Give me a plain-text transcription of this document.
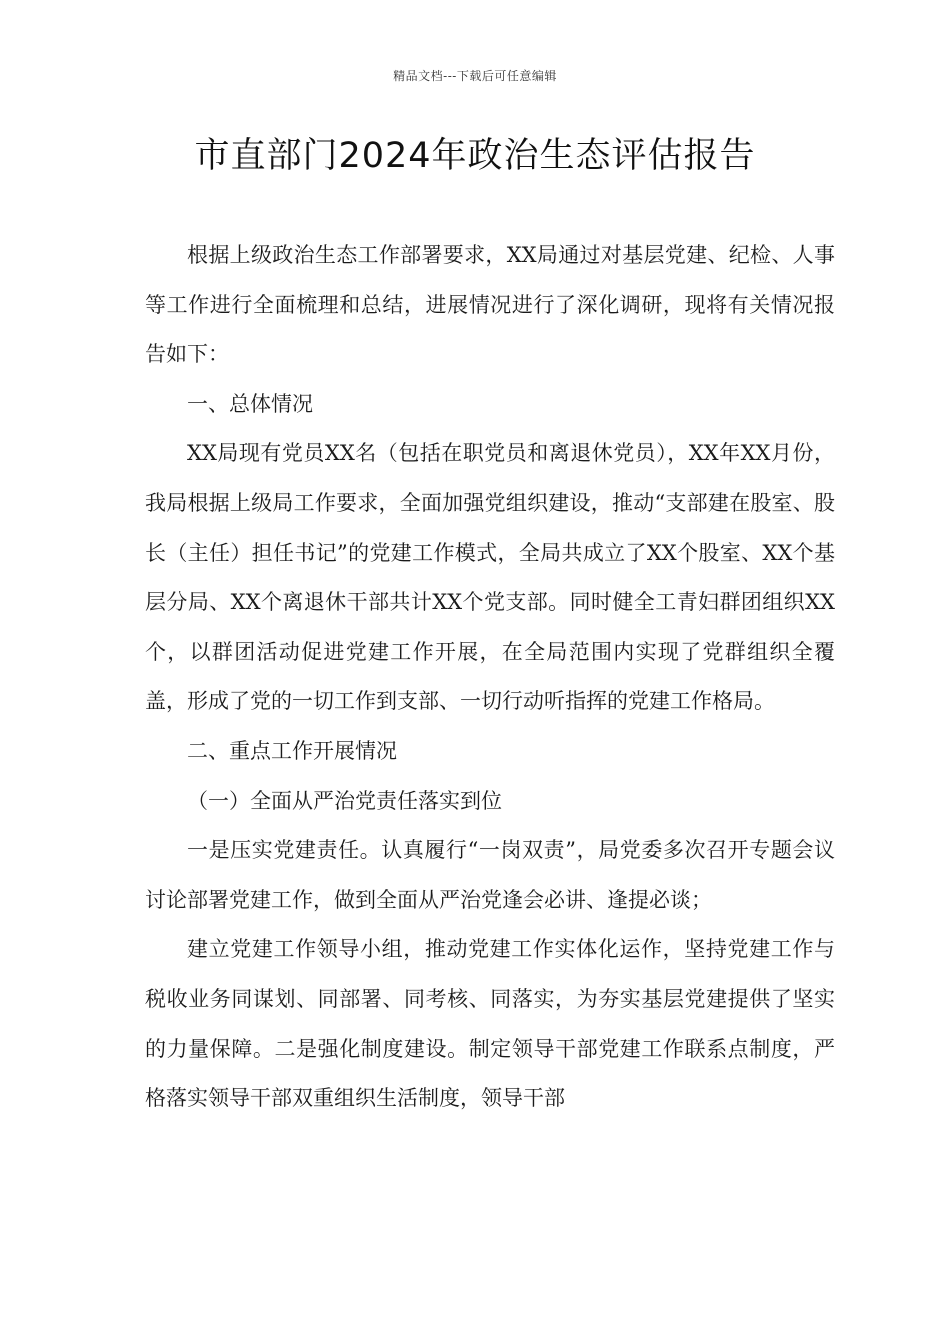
精品文档---下载后可任意编辑
市直部门2024年政治生态评估报告

根据上级政治生态工作部署要求，XX局通过对基层党建、纪检、人事等工作进行全面梳理和总结，进展情况进行了深化调研，现将有关情况报告如下：

一、总体情况

XX局现有党员XX名（包括在职党员和离退休党员），XX年XX月份，我局根据上级局工作要求，全面加强党组织建设，推动“支部建在股室、股长（主任）担任书记”的党建工作模式，全局共成立了XX个股室、XX个基层分局、XX个离退休干部共计XX个党支部。同时健全工青妇群团组织XX个，以群团活动促进党建工作开展，在全局范围内实现了党群组织全覆盖，形成了党的一切工作到支部、一切行动听指挥的党建工作格局。

二、重点工作开展情况

（一）全面从严治党责任落实到位

一是压实党建责任。认真履行“一岗双责”，局党委多次召开专题会议讨论部署党建工作，做到全面从严治党逢会必讲、逢提必谈；

建立党建工作领导小组，推动党建工作实体化运作，坚持党建工作与税收业务同谋划、同部署、同考核、同落实，为夯实基层党建提供了坚实的力量保障。二是强化制度建设。制定领导干部党建工作联系点制度，严格落实领导干部双重组织生活制度，领导干部
